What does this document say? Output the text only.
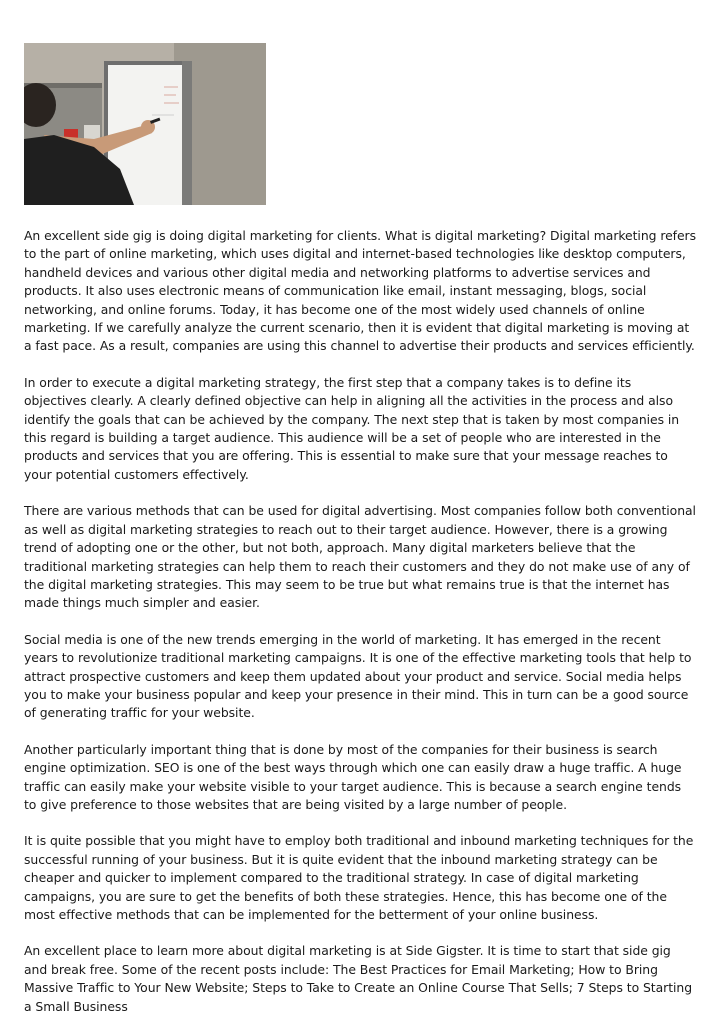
An excellent side gig is doing digital marketing for clients. What is digital marketing? Digital marketing refers to the part of online marketing, which uses digital and internet-based technologies like desktop computers, handheld devices and various other digital media and networking platforms to advertise services and products. It also uses electronic means of communication like email, instant messaging, blogs, social networking, and online forums. Today, it has become one of the most widely used channels of online marketing. If we carefully analyze the current scenario, then it is evident that digital marketing is moving at a fast pace. As a result, companies are using this channel to advertise their products and services efficiently.

In order to execute a digital marketing strategy, the first step that a company takes is to define its objectives clearly. A clearly defined objective can help in aligning all the activities in the process and also identify the goals that can be achieved by the company. The next step that is taken by most companies in this regard is building a target audience. This audience will be a set of people who are interested in the products and services that you are offering. This is essential to make sure that your message reaches to your potential customers effectively.

There are various methods that can be used for digital advertising. Most companies follow both conventional as well as digital marketing strategies to reach out to their target audience. However, there is a growing trend of adopting one or the other, but not both, approach. Many digital marketers believe that the traditional marketing strategies can help them to reach their customers and they do not make use of any of the digital marketing strategies. This may seem to be true but what remains true is that the internet has made things much simpler and easier.

Social media is one of the new trends emerging in the world of marketing. It has emerged in the recent years to revolutionize traditional marketing campaigns. It is one of the effective marketing tools that help to attract prospective customers and keep them updated about your product and service. Social media helps you to make your business popular and keep your presence in their mind. This in turn can be a good source of generating traffic for your website.

Another particularly important thing that is done by most of the companies for their business is search engine optimization. SEO is one of the best ways through which one can easily draw a huge traffic. A huge traffic can easily make your website visible to your target audience. This is because a search engine tends to give preference to those websites that are being visited by a large number of people.

It is quite possible that you might have to employ both traditional and inbound marketing techniques for the successful running of your business. But it is quite evident that the inbound marketing strategy can be cheaper and quicker to implement compared to the traditional strategy. In case of digital marketing campaigns, you are sure to get the benefits of both these strategies. Hence, this has become one of the most effective methods that can be implemented for the betterment of your online business.

An excellent place to learn more about digital marketing is at Side Gigster. It is time to start that side gig and break free. Some of the recent posts include: The Best Practices for Email Marketing; How to Bring Massive Traffic to Your New Website; Steps to Take to Create an Online Course That Sells; 7 Steps to Starting a Small Business
